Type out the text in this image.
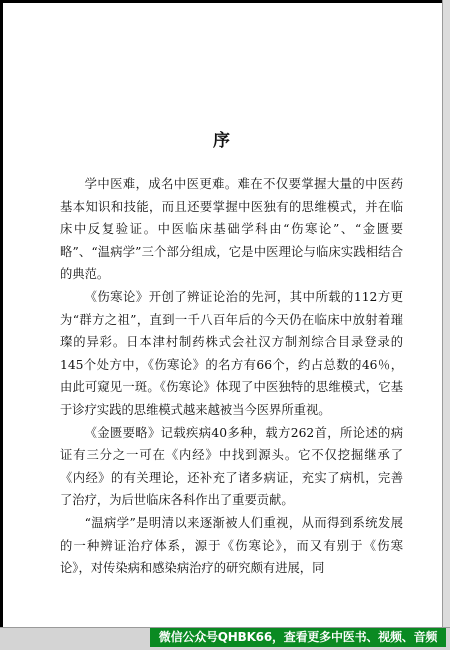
序

学中医难，成名中医更难。难在不仅要掌握大量的中医药基本知识和技能，而且还要掌握中医独有的思维模式，并在临床中反复验证。中医临床基础学科由“伤寒论”、“金匮要略”、“温病学”三个部分组成，它是中医理论与临床实践相结合的典范。

《伤寒论》开创了辨证论治的先河，其中所载的112方更为“群方之祖”，直到一千八百年后的今天仍在临床中放射着璀璨的异彩。日本津村制药株式会社汉方制剂综合目录登录的145个处方中，《伤寒论》的名方有66个，约占总数的46％，由此可窥见一斑。《伤寒论》体现了中医独特的思维模式，它基于诊疗实践的思维模式越来越被当今医界所重视。

《金匮要略》记载疾病40多种，载方262首，所论述的病证有三分之一可在《内经》中找到源头。它不仅挖掘继承了《内经》的有关理论，还补充了诸多病证，充实了病机，完善了治疗，为后世临床各科作出了重要贡献。

“温病学”是明清以来逐渐被人们重视，从而得到系统发展的一种辨证治疗体系，源于《伤寒论》，而又有别于《伤寒论》，对传染病和感染病治疗的研究颇有进展，同

微信公众号QHBK66，查看更多中医书、视频、音频
